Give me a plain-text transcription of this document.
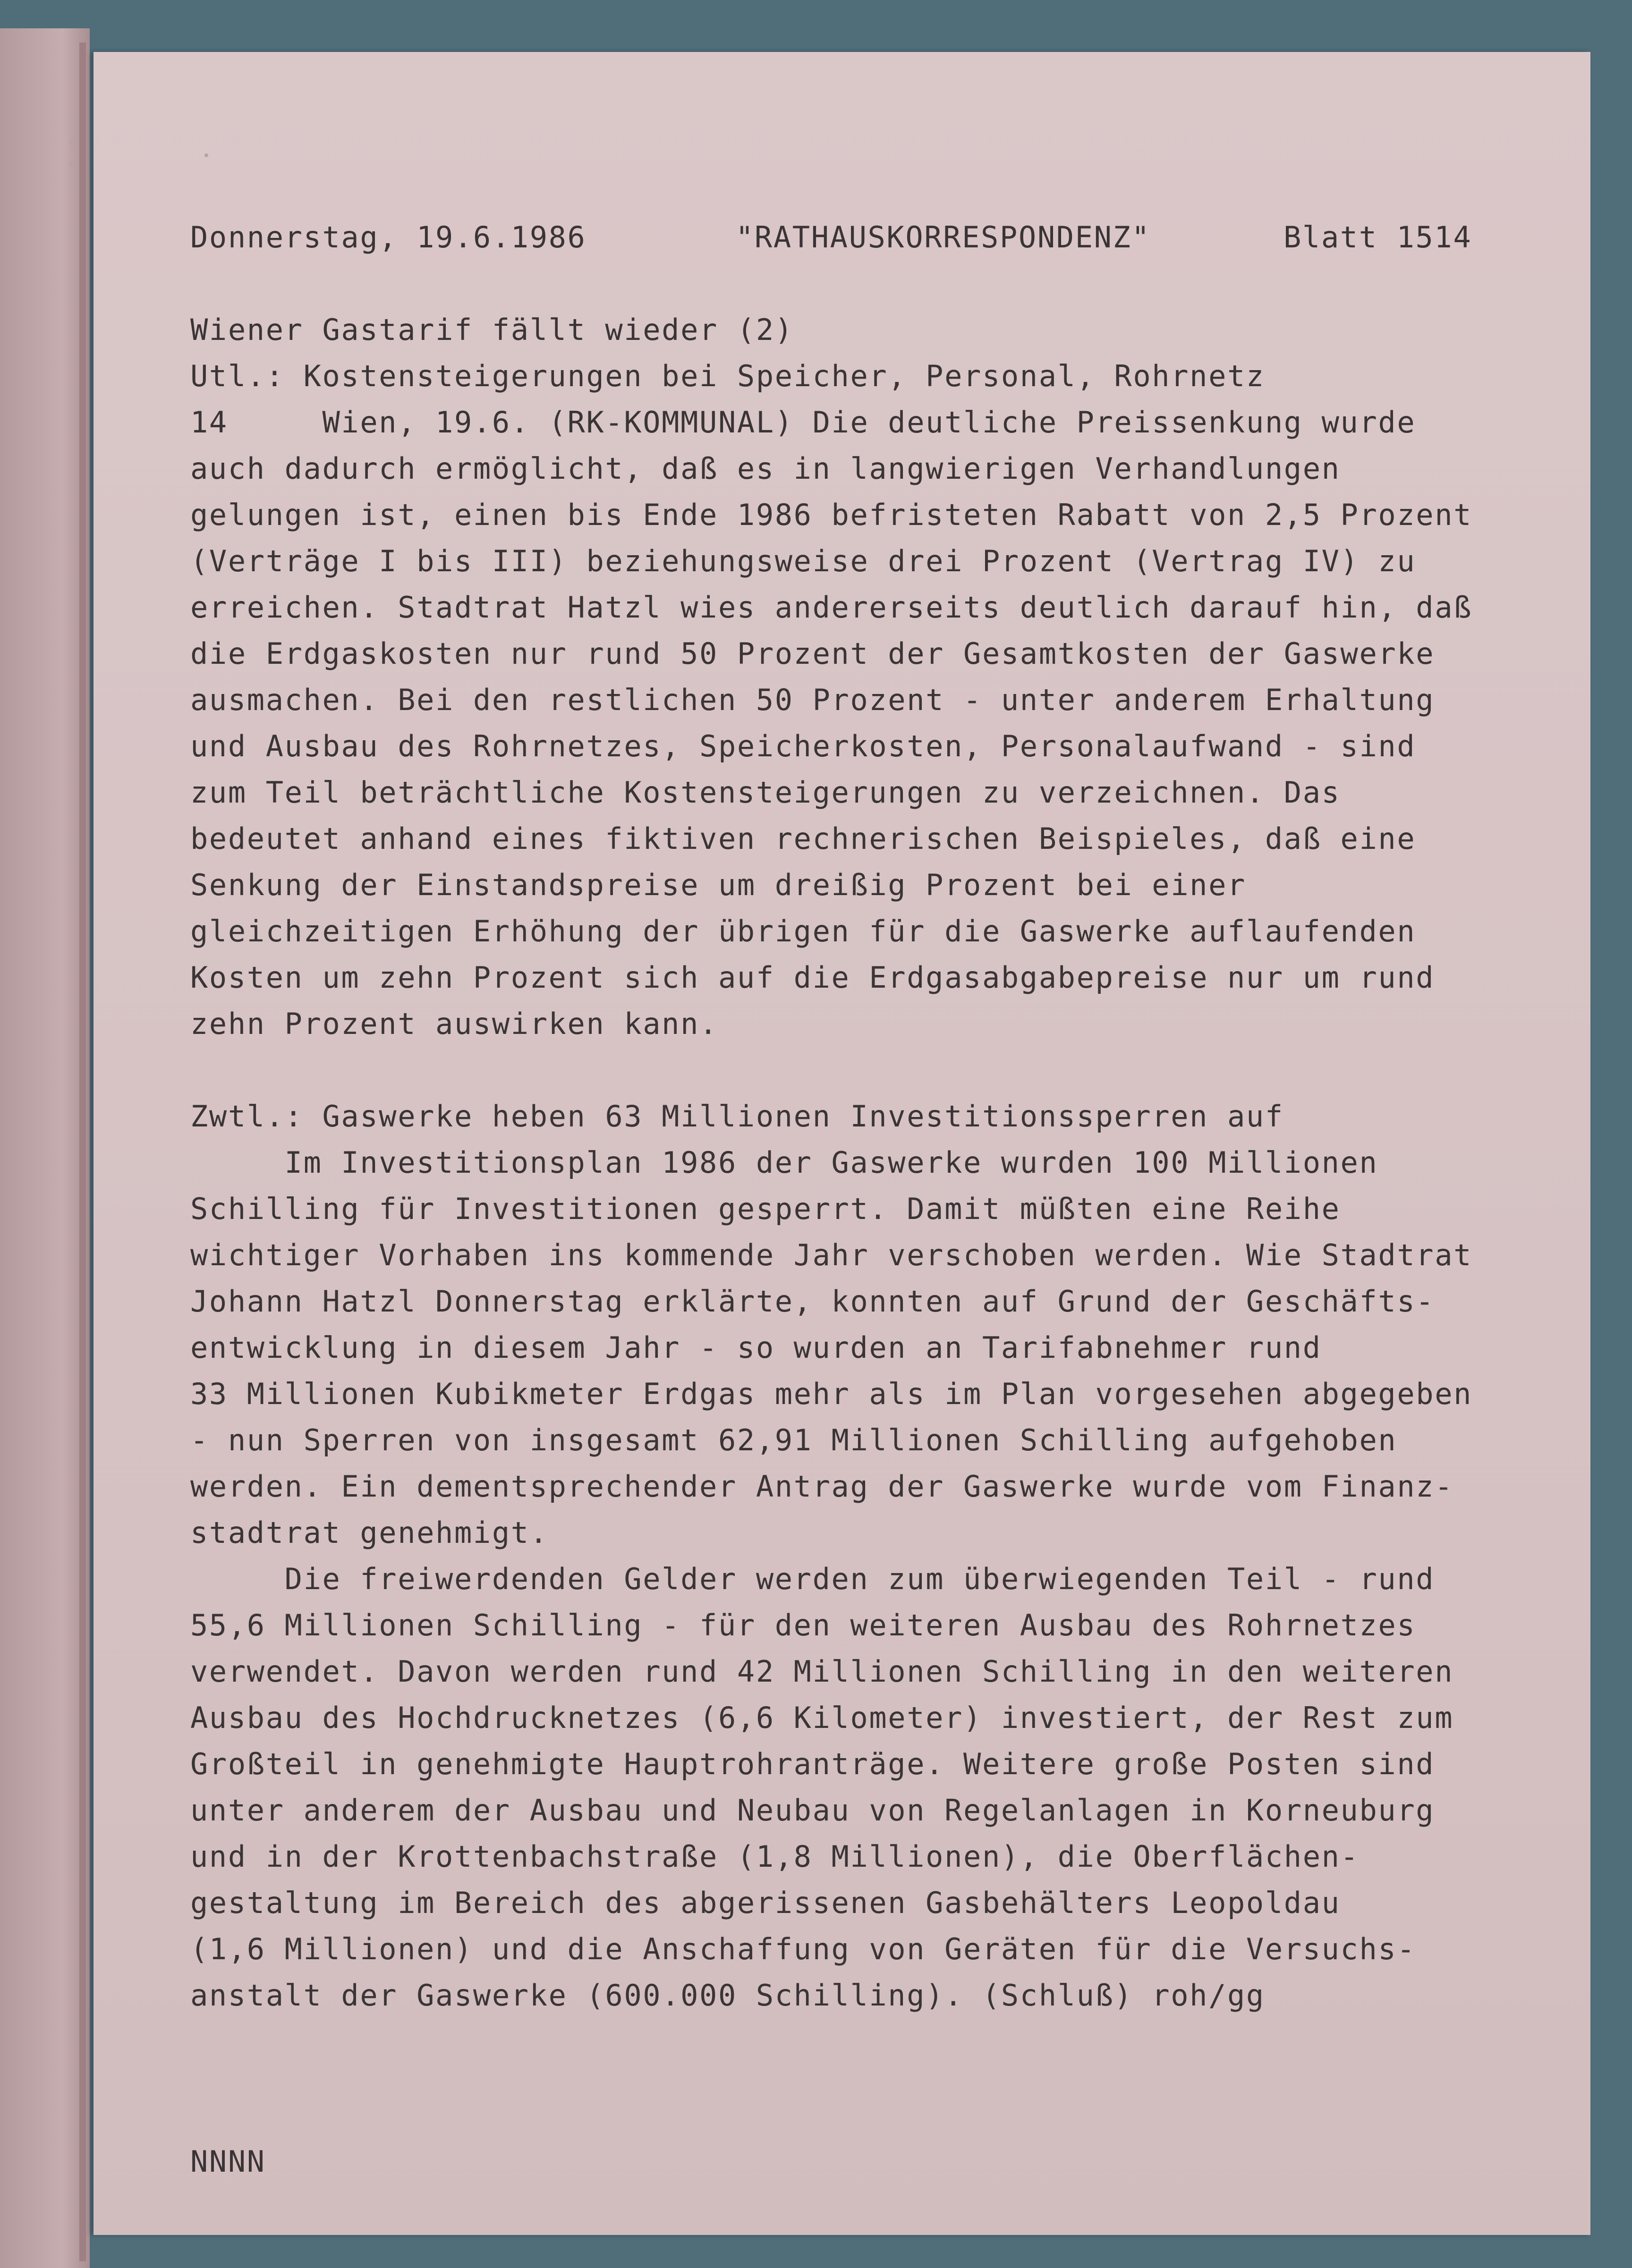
Donnerstag, 19.6.1986	"RATHAUSKORRESPONDENZ"	Blatt 1514
Wiener Gastarif fällt wieder (2)
Utl.: Kostensteigerungen bei Speicher, Personal, Rohrnetz
14     Wien, 19.6. (RK-KOMMUNAL) Die deutliche Preissenkung wurde
auch dadurch ermöglicht, daß es in langwierigen Verhandlungen
gelungen ist, einen bis Ende 1986 befristeten Rabatt von 2,5 Prozent
(Verträge I bis III) beziehungsweise drei Prozent (Vertrag IV) zu
erreichen. Stadtrat Hatzl wies andererseits deutlich darauf hin, daß
die Erdgaskosten nur rund 50 Prozent der Gesamtkosten der Gaswerke
ausmachen. Bei den restlichen 50 Prozent - unter anderem Erhaltung
und Ausbau des Rohrnetzes, Speicherkosten, Personalaufwand - sind
zum Teil beträchtliche Kostensteigerungen zu verzeichnen. Das
bedeutet anhand eines fiktiven rechnerischen Beispieles, daß eine
Senkung der Einstandspreise um dreißig Prozent bei einer
gleichzeitigen Erhöhung der übrigen für die Gaswerke auflaufenden
Kosten um zehn Prozent sich auf die Erdgasabgabepreise nur um rund
zehn Prozent auswirken kann.
Zwtl.: Gaswerke heben 63 Millionen Investitionssperren auf
Im Investitionsplan 1986 der Gaswerke wurden 100 Millionen
Schilling für Investitionen gesperrt. Damit müßten eine Reihe
wichtiger Vorhaben ins kommende Jahr verschoben werden. Wie Stadtrat
Johann Hatzl Donnerstag erklärte, konnten auf Grund der Geschäfts-
entwicklung in diesem Jahr - so wurden an Tarifabnehmer rund
33 Millionen Kubikmeter Erdgas mehr als im Plan vorgesehen abgegeben
- nun Sperren von insgesamt 62,91 Millionen Schilling aufgehoben
werden. Ein dementsprechender Antrag der Gaswerke wurde vom Finanz-
stadtrat genehmigt.
Die freiwerdenden Gelder werden zum überwiegenden Teil - rund
55,6 Millionen Schilling - für den weiteren Ausbau des Rohrnetzes
verwendet. Davon werden rund 42 Millionen Schilling in den weiteren
Ausbau des Hochdrucknetzes (6,6 Kilometer) investiert, der Rest zum
Großteil in genehmigte Hauptrohranträge. Weitere große Posten sind
unter anderem der Ausbau und Neubau von Regelanlagen in Korneuburg
und in der Krottenbachstraße (1,8 Millionen), die Oberflächen-
gestaltung im Bereich des abgerissenen Gasbehälters Leopoldau
(1,6 Millionen) und die Anschaffung von Geräten für die Versuchs-
anstalt der Gaswerke (600.000 Schilling). (Schluß) roh/gg
NNNN
